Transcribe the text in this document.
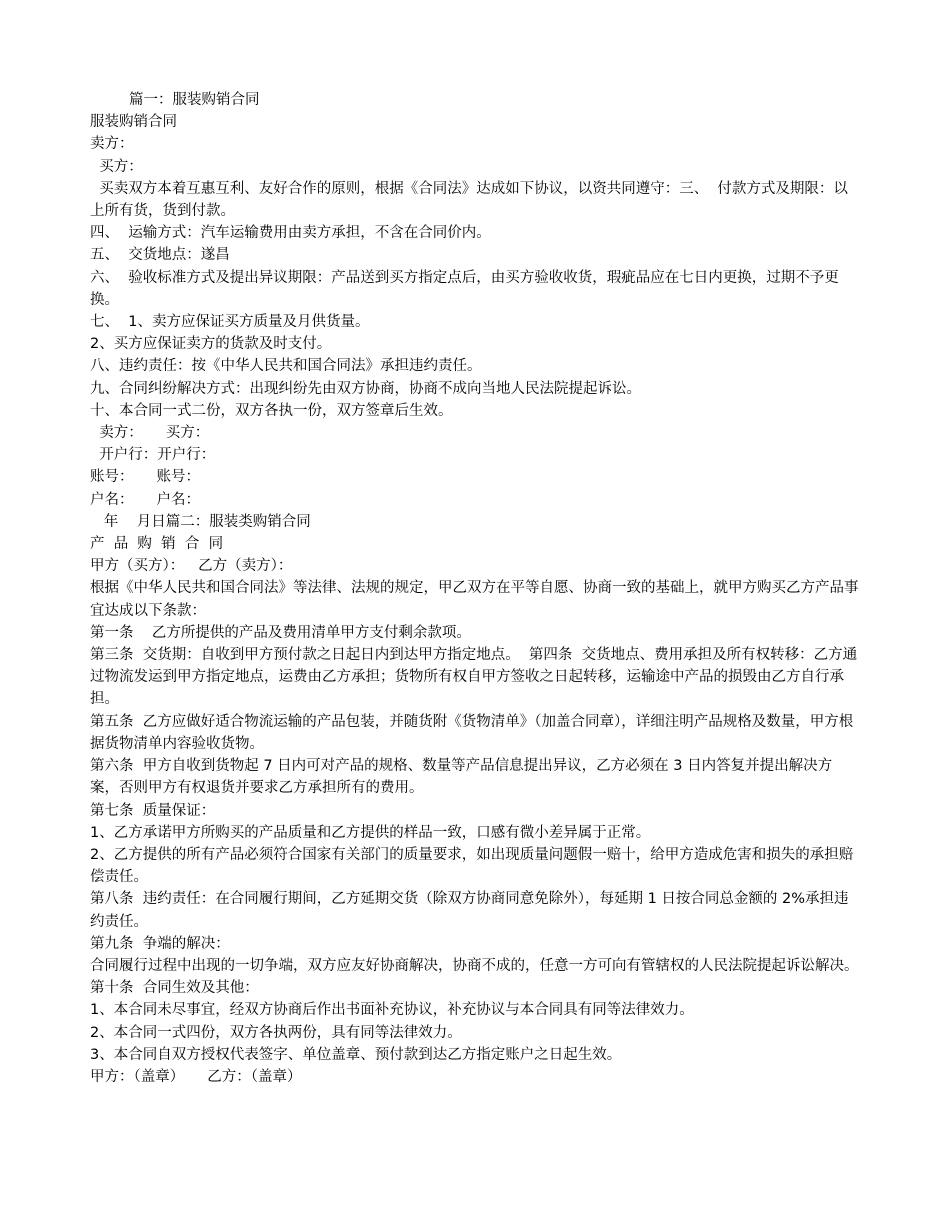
篇一：服装购销合同
服装购销合同
卖方：
买方：
买卖双方本着互惠互利、友好合作的原则，根据《合同法》达成如下协议，以资共同遵守：三、  付款方式及期限：以上所有货，货到付款。
四、  运输方式：汽车运输费用由卖方承担，不含在合同价内。
五、  交货地点：遂昌
六、  验收标准方式及提出异议期限：产品送到买方指定点后，由买方验收收货，瑕疵品应在七日内更换，过期不予更换。
七、  1、卖方应保证买方质量及月供货量。
2、买方应保证卖方的货款及时支付。
八、违约责任：按《中华人民共和国合同法》承担违约责任。
九、合同纠纷解决方式：出现纠纷先由双方协商，协商不成向当地人民法院提起诉讼。
十、本合同一式二份，双方各执一份，双方签章后生效。
卖方：     买方：
开户行：开户行：
账号：     账号：
户名：     户名：
年    月日篇二：服装类购销合同
产  品  购  销  合  同
甲方（买方）：   乙方（卖方）：
根据《中华人民共和国合同法》等法律、法规的规定，甲乙双方在平等自愿、协商一致的基础上，就甲方购买乙方产品事宜达成以下条款：
第一条    乙方所提供的产品及费用清单甲方支付剩余款项。
第三条  交货期：自收到甲方预付款之日起日内到达甲方指定地点。  第四条  交货地点、费用承担及所有权转移：乙方通过物流发运到甲方指定地点，运费由乙方承担；货物所有权自甲方签收之日起转移，运输途中产品的损毁由乙方自行承担。
第五条  乙方应做好适合物流运输的产品包装，并随货附《货物清单》（加盖合同章），详细注明产品规格及数量，甲方根据货物清单内容验收货物。
第六条  甲方自收到货物起 7 日内可对产品的规格、数量等产品信息提出异议，乙方必须在 3 日内答复并提出解决方案，否则甲方有权退货并要求乙方承担所有的费用。
第七条  质量保证：
1、乙方承诺甲方所购买的产品质量和乙方提供的样品一致，口感有微小差异属于正常。
2、乙方提供的所有产品必须符合国家有关部门的质量要求，如出现质量问题假一赔十，给甲方造成危害和损失的承担赔偿责任。
第八条  违约责任：在合同履行期间，乙方延期交货（除双方协商同意免除外），每延期 1 日按合同总金额的 2%承担违约责任。
第九条  争端的解决：
合同履行过程中出现的一切争端，双方应友好协商解决，协商不成的，任意一方可向有管辖权的人民法院提起诉讼解决。
第十条  合同生效及其他：
1、本合同未尽事宜，经双方协商后作出书面补充协议，补充协议与本合同具有同等法律效力。
2、本合同一式四份，双方各执两份，具有同等法律效力。
3、本合同自双方授权代表签字、单位盖章、预付款到达乙方指定账户之日起生效。
甲方：（盖章）     乙方：（盖章）
